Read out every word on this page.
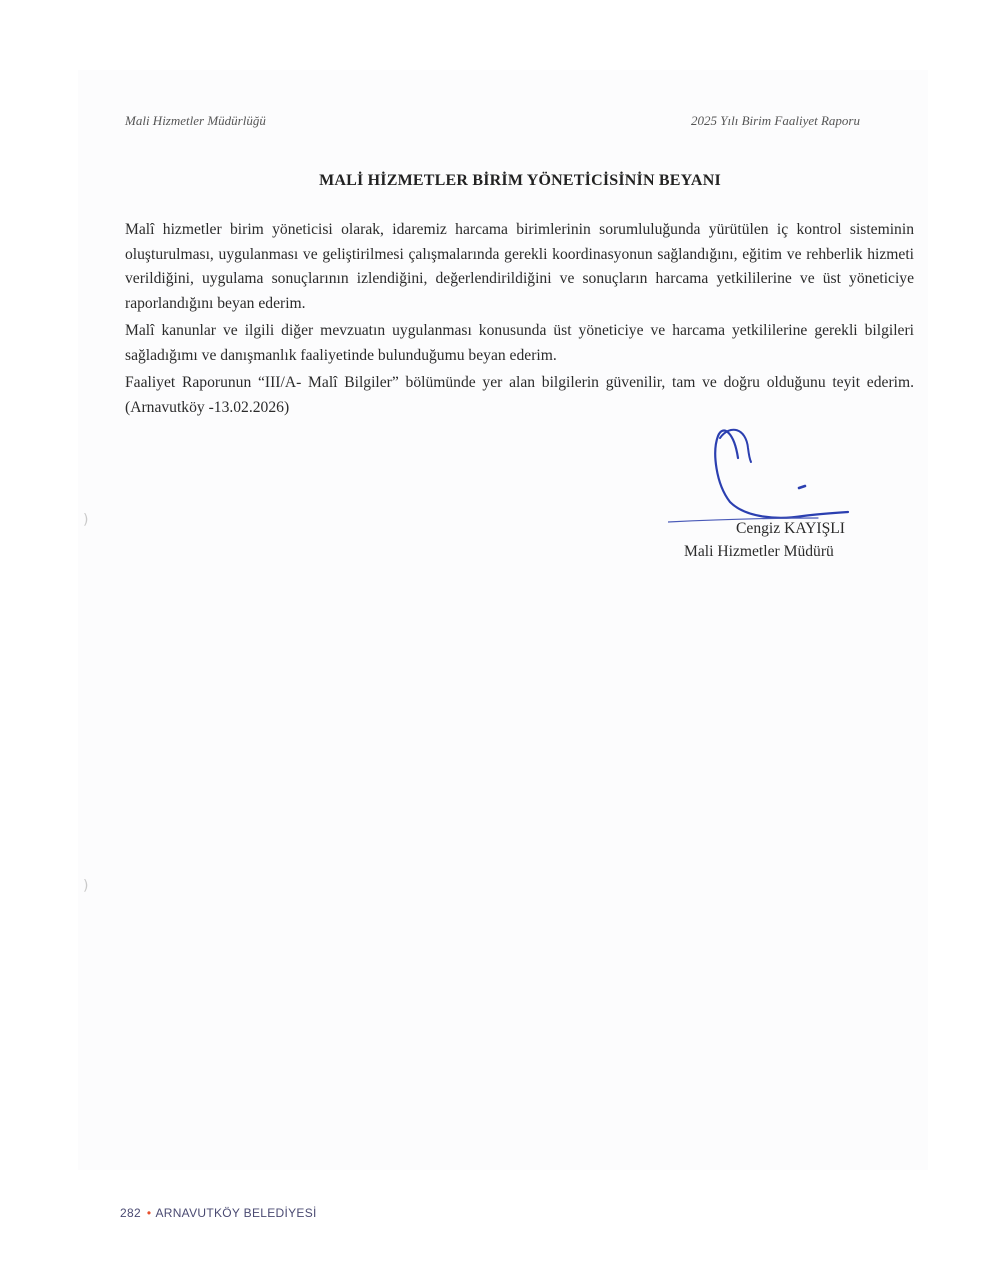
Mali Hizmetler Müdürlüğü	2025 Yılı Birim Faaliyet Raporu
MALİ HİZMETLER BİRİM YÖNETİCİSİNİN BEYANI

Malî hizmetler birim yöneticisi olarak, idaremiz harcama birimlerinin sorumluluğunda yürütülen iç kontrol sisteminin oluşturulması, uygulanması ve geliştirilmesi çalışmalarında gerekli koordinasyonun sağlandığını, eğitim ve rehberlik hizmeti verildiğini, uygulama sonuçlarının izlendiğini, değerlendirildiğini ve sonuçların harcama yetkililerine ve üst yöneticiye raporlandığını beyan ederim.

Malî kanunlar ve ilgili diğer mevzuatın uygulanması konusunda üst yöneticiye ve harcama yetkililerine gerekli bilgileri sağladığımı ve danışmanlık faaliyetinde bulunduğumu beyan ederim.

Faaliyet Raporunun “III/A- Malî Bilgiler” bölümünde yer alan bilgilerin güvenilir, tam ve doğru olduğunu teyit ederim. (Arnavutköy -13.02.2026)

Cengiz KAYIŞLI
Mali Hizmetler Müdürü
)
)
282 • ARNAVUTKÖY BELEDİYESİ
